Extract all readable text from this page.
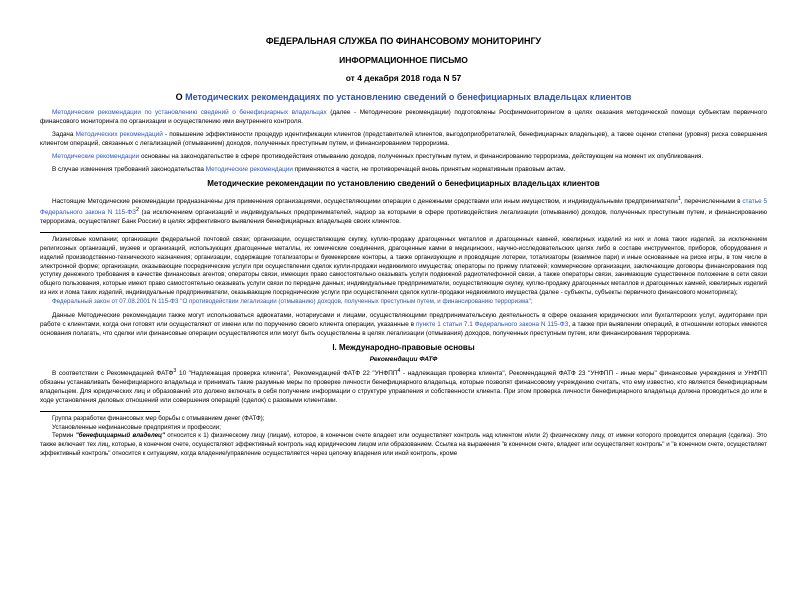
ФЕДЕРАЛЬНАЯ СЛУЖБА ПО ФИНАНСОВОМУ МОНИТОРИНГУ
ИНФОРМАЦИОННОЕ ПИСЬМО
от 4 декабря 2018 года N 57
О Методических рекомендациях по установлению сведений о бенефициарных владельцах клиентов

Методические рекомендации по установлению сведений о бенефициарных владельцах (далее - Методические рекомендации) подготовлены Росфинмониторингом в целях оказания методической помощи субъектам первичного финансового мониторинга по организации и осуществлению ими внутреннего контроля.

Задача Методических рекомендаций - повышение эффективности процедур идентификации клиентов (представителей клиентов, выгодоприобретателей, бенефициарных владельцев), а также оценки степени (уровня) риска совершения клиентом операций, связанных с легализацией (отмыванием) доходов, полученных преступным путем, и финансированием терроризма.

Методические рекомендации основаны на законодательстве в сфере противодействия отмыванию доходов, полученных преступным путем, и финансированию терроризма, действующем на момент их опубликования.

В случае изменения требований законодательства Методические рекомендации применяются в части, не противоречащей вновь принятым нормативным правовым актам.

Методические рекомендации по установлению сведений о бенефициарных владельцах клиентов

Настоящие Методические рекомендации предназначены для применения организациями, осуществляющими операции с денежными средствами или иным имуществом, и индивидуальными предприниматели$^1$, перечисленными в статье 5 Федерального закона N $115-ФЗ^2$ (за исключением организаций и индивидуальных предпринимателей, надзор за которыми в сфере противодействия легализации (отмыванию) доходов, полученных преступным путем, и финансированию терроризма, осуществляет Банк России) в целях эффективного выявления бенефициарных владельцев своих клиентов.

Лизинговые компании; организации федеральной почтовой связи; организации, осуществляющие скупку, куплю-продажу драгоценных металлов и драгоценных камней, ювелирных изделий из них и лома таких изделий, за исключением религиозных организаций, музеев и организаций, использующих драгоценные металлы, их химические соединения, драгоценные камни в медицинских, научно-исследовательских целях либо в составе инструментов, приборов, оборудования и изделий производственно-технического назначения; организации, содержащие тотализаторы и букмекерские конторы, а также организующие и проводящие лотереи, тотализаторы (взаимное пари) и иные основанные на риске игры, в том числе в электронной форме; организации, оказывающие посреднические услуги при осуществлении сделок купли-продажи недвижимого имущества; операторы по приему платежей; коммерческие организации, заключающие договоры финансирования под уступку денежного требования в качестве финансовых агентов; операторы связи, имеющих право самостоятельно оказывать услуги подвижной радиотелефонной связи, а также операторы связи, занимающие существенное положение в сети связи общего пользования, которые имеют право самостоятельно оказывать услуги связи по передаче данных; индивидуальные предприниматели, осуществляющие скупку, куплю-продажу драгоценных металлов и драгоценных камней, ювелирных изделий из них и лома таких изделий, индивидуальные предприниматели, оказывающие посреднические услуги при осуществлении сделок купли-продажи недвижимого имущества (далее - субъекты, субъекты первичного финансового мониторинга);

Федеральный закон от 07.08.2001 N 115-ФЗ "О противодействии легализации (отмыванию) доходов, полученных преступным путем, и финансированию терроризма";

Данные Методические рекомендации также могут использоваться адвокатами, нотариусами и лицами, осуществляющими предпринимательскую деятельность в сфере оказания юридических или бухгалтерских услуг, аудиторами при работе с клиентами, когда они готовят или осуществляют от имени или по поручению своего клиента операции, указанные в пункте 1 статьи 7.1 Федерального закона N 115-ФЗ, а также при выявлении операций, в отношении которых имеются основания полагать, что сделки или финансовые операции осуществляются или могут быть осуществлены в целях легализации (отмывания) доходов, полученных преступным путем, или финансирования терроризма.

I. Международно-правовые основы
Рекомендации ФАТФ

В соответствии с Рекомендацией ФАТФ$^3$ 10 "Надлежащая проверка клиента", Рекомендацией ФАТФ 22 "УНФПП$^4$ - надлежащая проверка клиента", Рекомендацией ФАТФ 23 "УНФПП - иные меры" финансовые учреждения и УНФПП обязаны устанавливать бенефициарного владельца и принимать такие разумные меры по проверке личности бенефициарного владельца, которые позволят финансовому учреждению считать, что ему известно, кто является бенефициарным владельцем. Для юридических лиц и образований это должно включать в себя получение информации о структуре управления и собственности клиента. При этом проверка личности бенефициарного владельца должна проводиться до или в ходе установления деловых отношений или совершения операций (сделок) с разовыми клиентами.

Группа разработки финансовых мер борьбы с отмыванием денег (ФАТФ);

Установленные нефинансовые предприятия и профессии;

Термин "бенефициарный владелец" относится к 1) физическому лицу (лицам), которое, в конечном счете владеет или осуществляет контроль над клиентом и/или 2) физическому лицу, от имени которого проводится операция (сделка). Это также включает тех лиц, которые, в конечном счете, осуществляют эффективный контроль над юридическим лицом или образованием. Ссылка на выражения "в конечном счете, владеет или осуществляет контроль" и "в конечном счете, осуществляет эффективный контроль" относится к ситуациям, когда владение/управление осуществляется через цепочку владения или иной контроль, кроме
